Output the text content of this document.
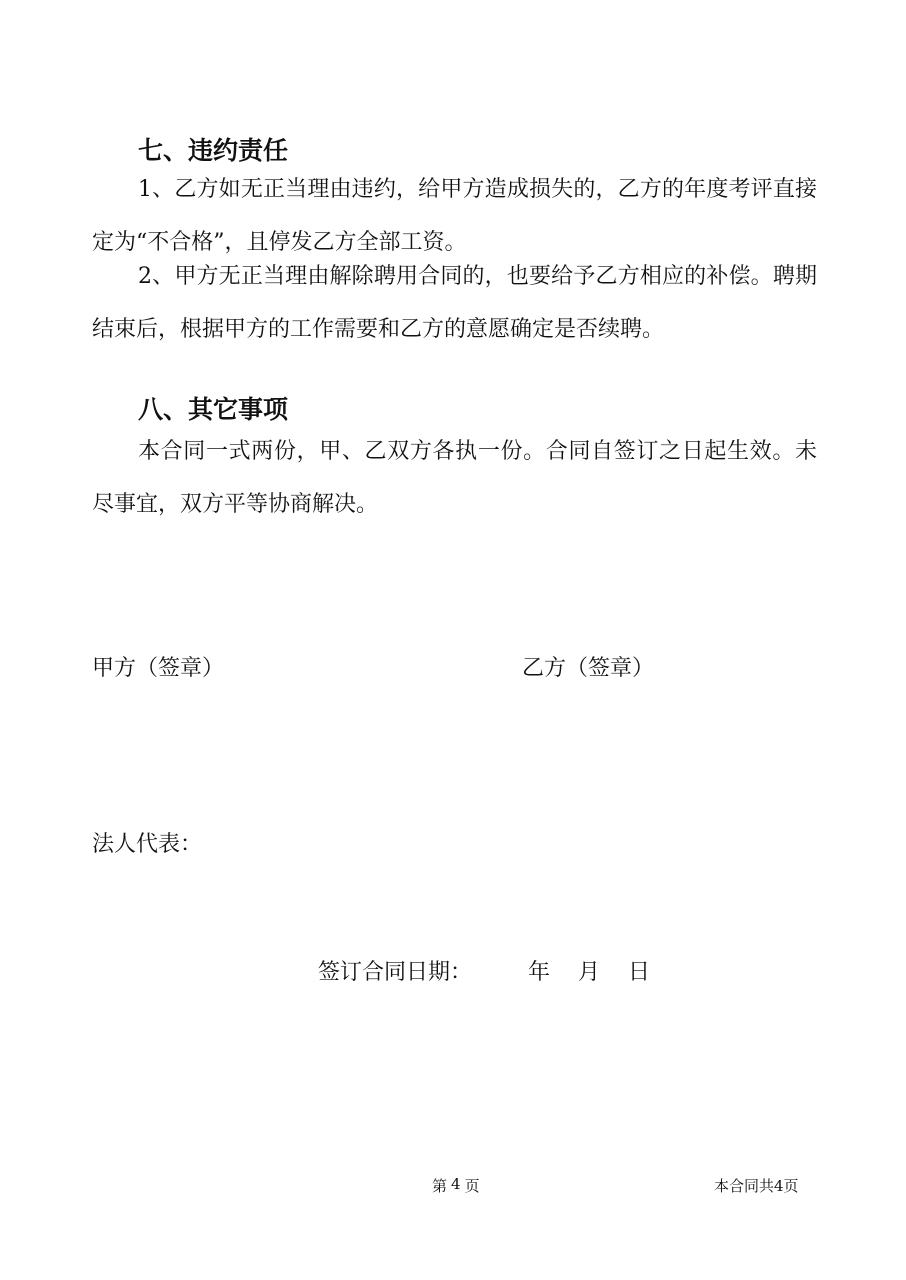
七、违约责任
1、乙方如无正当理由违约，给甲方造成损失的，乙方的年度考评直接定为“不合格”，且停发乙方全部工资。
2、甲方无正当理由解除聘用合同的，也要给予乙方相应的补偿。聘期结束后，根据甲方的工作需要和乙方的意愿确定是否续聘。
八、其它事项
本合同一式两份，甲、乙双方各执一份。合同自签订之日起生效。未尽事宜，双方平等协商解决。
甲方（签章）	乙方（签章）
法人代表：
签订合同日期：	年 月 日
第 4 页	本合同共4页
